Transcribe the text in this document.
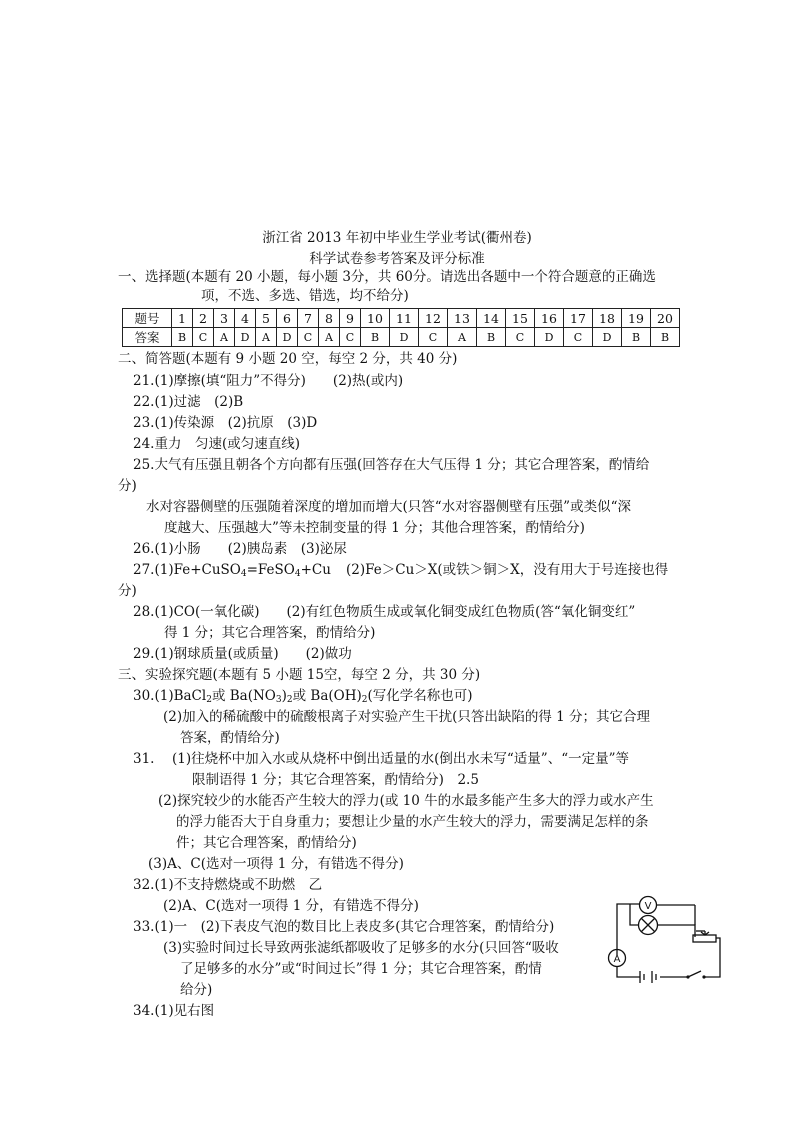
浙江省 2013 年初中毕业生学业考试(衢州卷)
科学试卷参考答案及评分标准
一、选择题(本题有 20 小题，每小题 3分，共 60分。请选出各题中一个符合题意的正确选
项，不选、多选、错选，均不给分)
题号	1	2	3	4	5	6	7	8	9	10	11	12	13	14	15	16	17	18	19	20
答案	B	C	A	D	A	D	C	A	C	B	D	C	A	B	C	D	C	D	B	B
二、简答题(本题有 9 小题 20 空，每空 2 分，共 40 分)
21.(1)摩擦(填“阻力”不得分)　　(2)热(或内)
22.(1)过滤　(2)B
23.(1)传染源　(2)抗原　(3)D
24.重力　匀速(或匀速直线)
25.大气有压强且朝各个方向都有压强(回答存在大气压得 1 分；其它合理答案，酌情给
分)
水对容器侧壁的压强随着深度的增加而增大(只答“水对容器侧壁有压强”或类似“深
度越大、压强越大”等未控制变量的得 1 分；其他合理答案，酌情给分)
26.(1)小肠　　(2)胰岛素　(3)泌尿
27.(1)Fe+CuSO$_4$=FeSO$_4$+Cu (2)Fe＞Cu＞X(或铁＞铜＞X，没有用大于号连接也得
分)
28.(1)CO(一氧化碳)　　(2)有红色物质生成或氧化铜变成红色物质(答“氧化铜变红”
得 1 分；其它合理答案，酌情给分)
29.(1)钢球质量(或质量)　　(2)做功
三、实验探究题(本题有 5 小题 15空，每空 2 分，共 30 分)
30.(1)BaCl$_2$或 $Ba(NO_3)_2$或 $Ba(OH)_2$(写化学名称也可)
(2)加入的稀硫酸中的硫酸根离子对实验产生干扰(只答出缺陷的得 1 分；其它合理
答案，酌情给分)
31. (1)往烧杯中加入水或从烧杯中倒出适量的水(倒出水未写“适量”、“一定量”等
限制语得 1 分；其它合理答案，酌情给分)　2.5
(2)探究较少的水能否产生较大的浮力(或 10 牛的水最多能产生多大的浮力或水产生
的浮力能否大于自身重力；要想让少量的水产生较大的浮力，需要满足怎样的条
件；其它合理答案，酌情给分)
(3)A、C(选对一项得 1 分，有错选不得分)
32.(1)不支持燃烧或不助燃　乙
(2)A、C(选对一项得 1 分，有错选不得分)
33.(1)一　(2)下表皮气泡的数目比上表皮多(其它合理答案，酌情给分)
(3)实验时间过长导致两张滤纸都吸收了足够多的水分(只回答“吸收
了足够多的水分”或“时间过长”得 1 分；其它合理答案，酌情
给分)
34.(1)见右图
V
A
